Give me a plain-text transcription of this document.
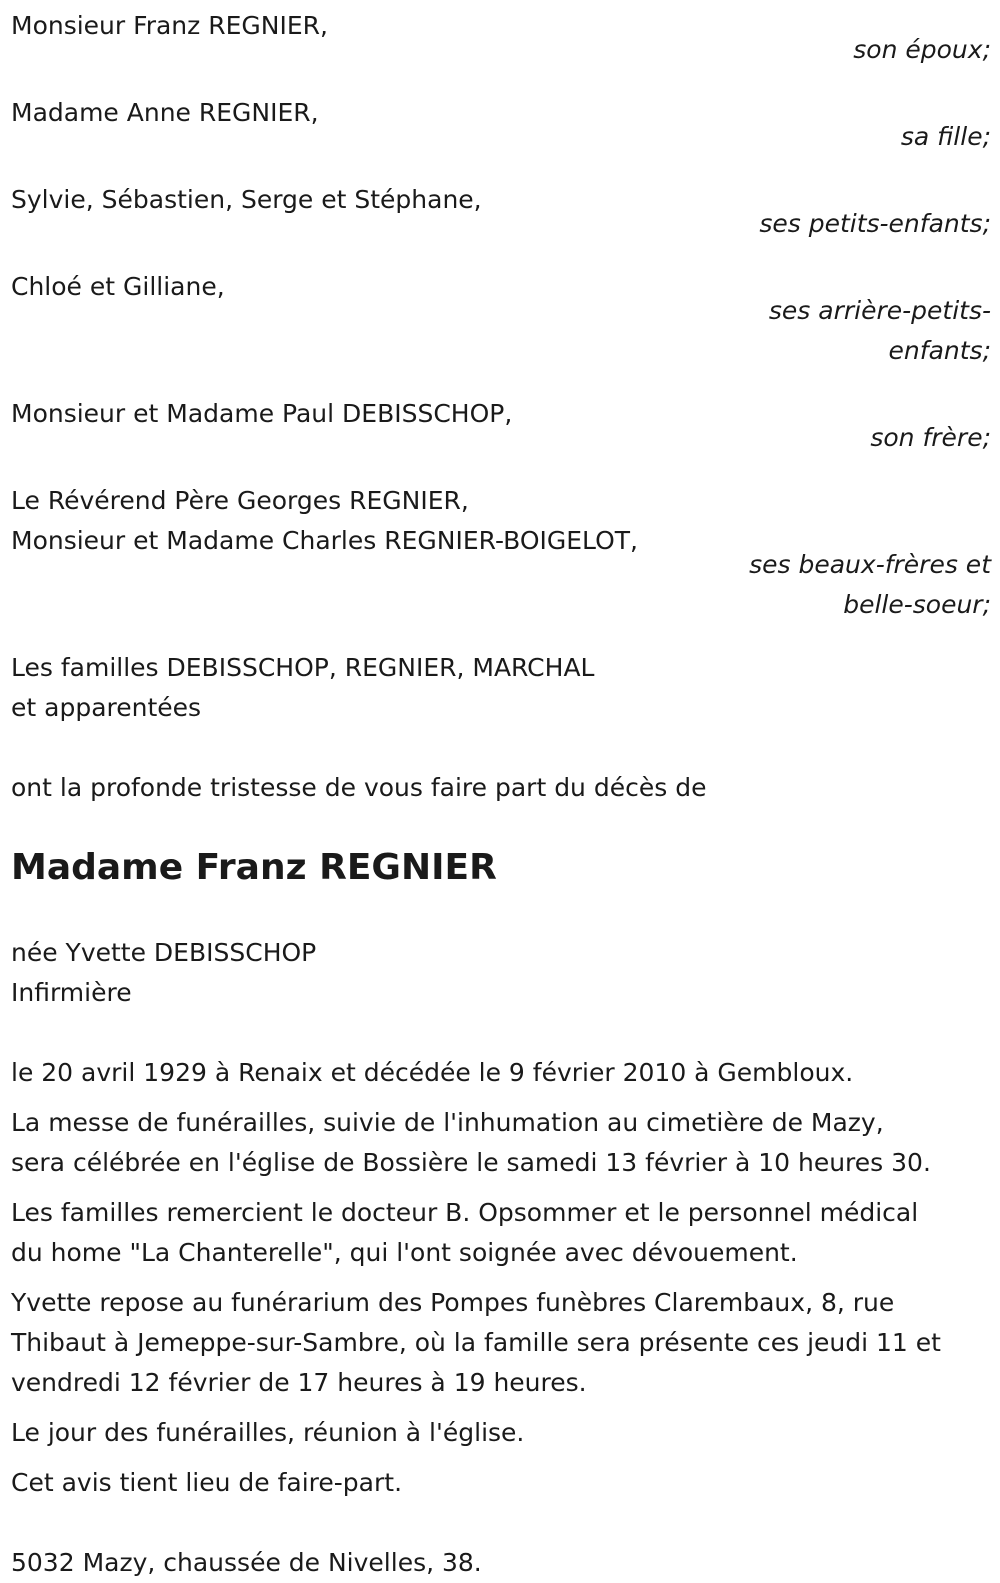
Monsieur Franz REGNIER,
son époux;
Madame Anne REGNIER,
sa fille;
Sylvie, Sébastien, Serge et Stéphane,
ses petits-enfants;
Chloé et Gilliane,
ses arrière-petits-
enfants;
Monsieur et Madame Paul DEBISSCHOP,
son frère;
Le Révérend Père Georges REGNIER,
Monsieur et Madame Charles REGNIER-BOIGELOT,
ses beaux-frères et
belle-soeur;
Les familles DEBISSCHOP, REGNIER, MARCHAL
et apparentées
ont la profonde tristesse de vous faire part du décès de
Madame Franz REGNIER
née Yvette DEBISSCHOP
Infirmière
le 20 avril 1929 à Renaix et décédée le 9 février 2010 à Gembloux.
La messe de funérailles, suivie de l'inhumation au cimetière de Mazy,
sera célébrée en l'église de Bossière le samedi 13 février à 10 heures 30.
Les familles remercient le docteur B. Opsommer et le personnel médical
du home "La Chanterelle", qui l'ont soignée avec dévouement.
Yvette repose au funérarium des Pompes funèbres Clarembaux, 8, rue
Thibaut à Jemeppe-sur-Sambre, où la famille sera présente ces jeudi 11 et
vendredi 12 février de 17 heures à 19 heures.
Le jour des funérailles, réunion à l'église.
Cet avis tient lieu de faire-part.
5032 Mazy, chaussée de Nivelles, 38.
